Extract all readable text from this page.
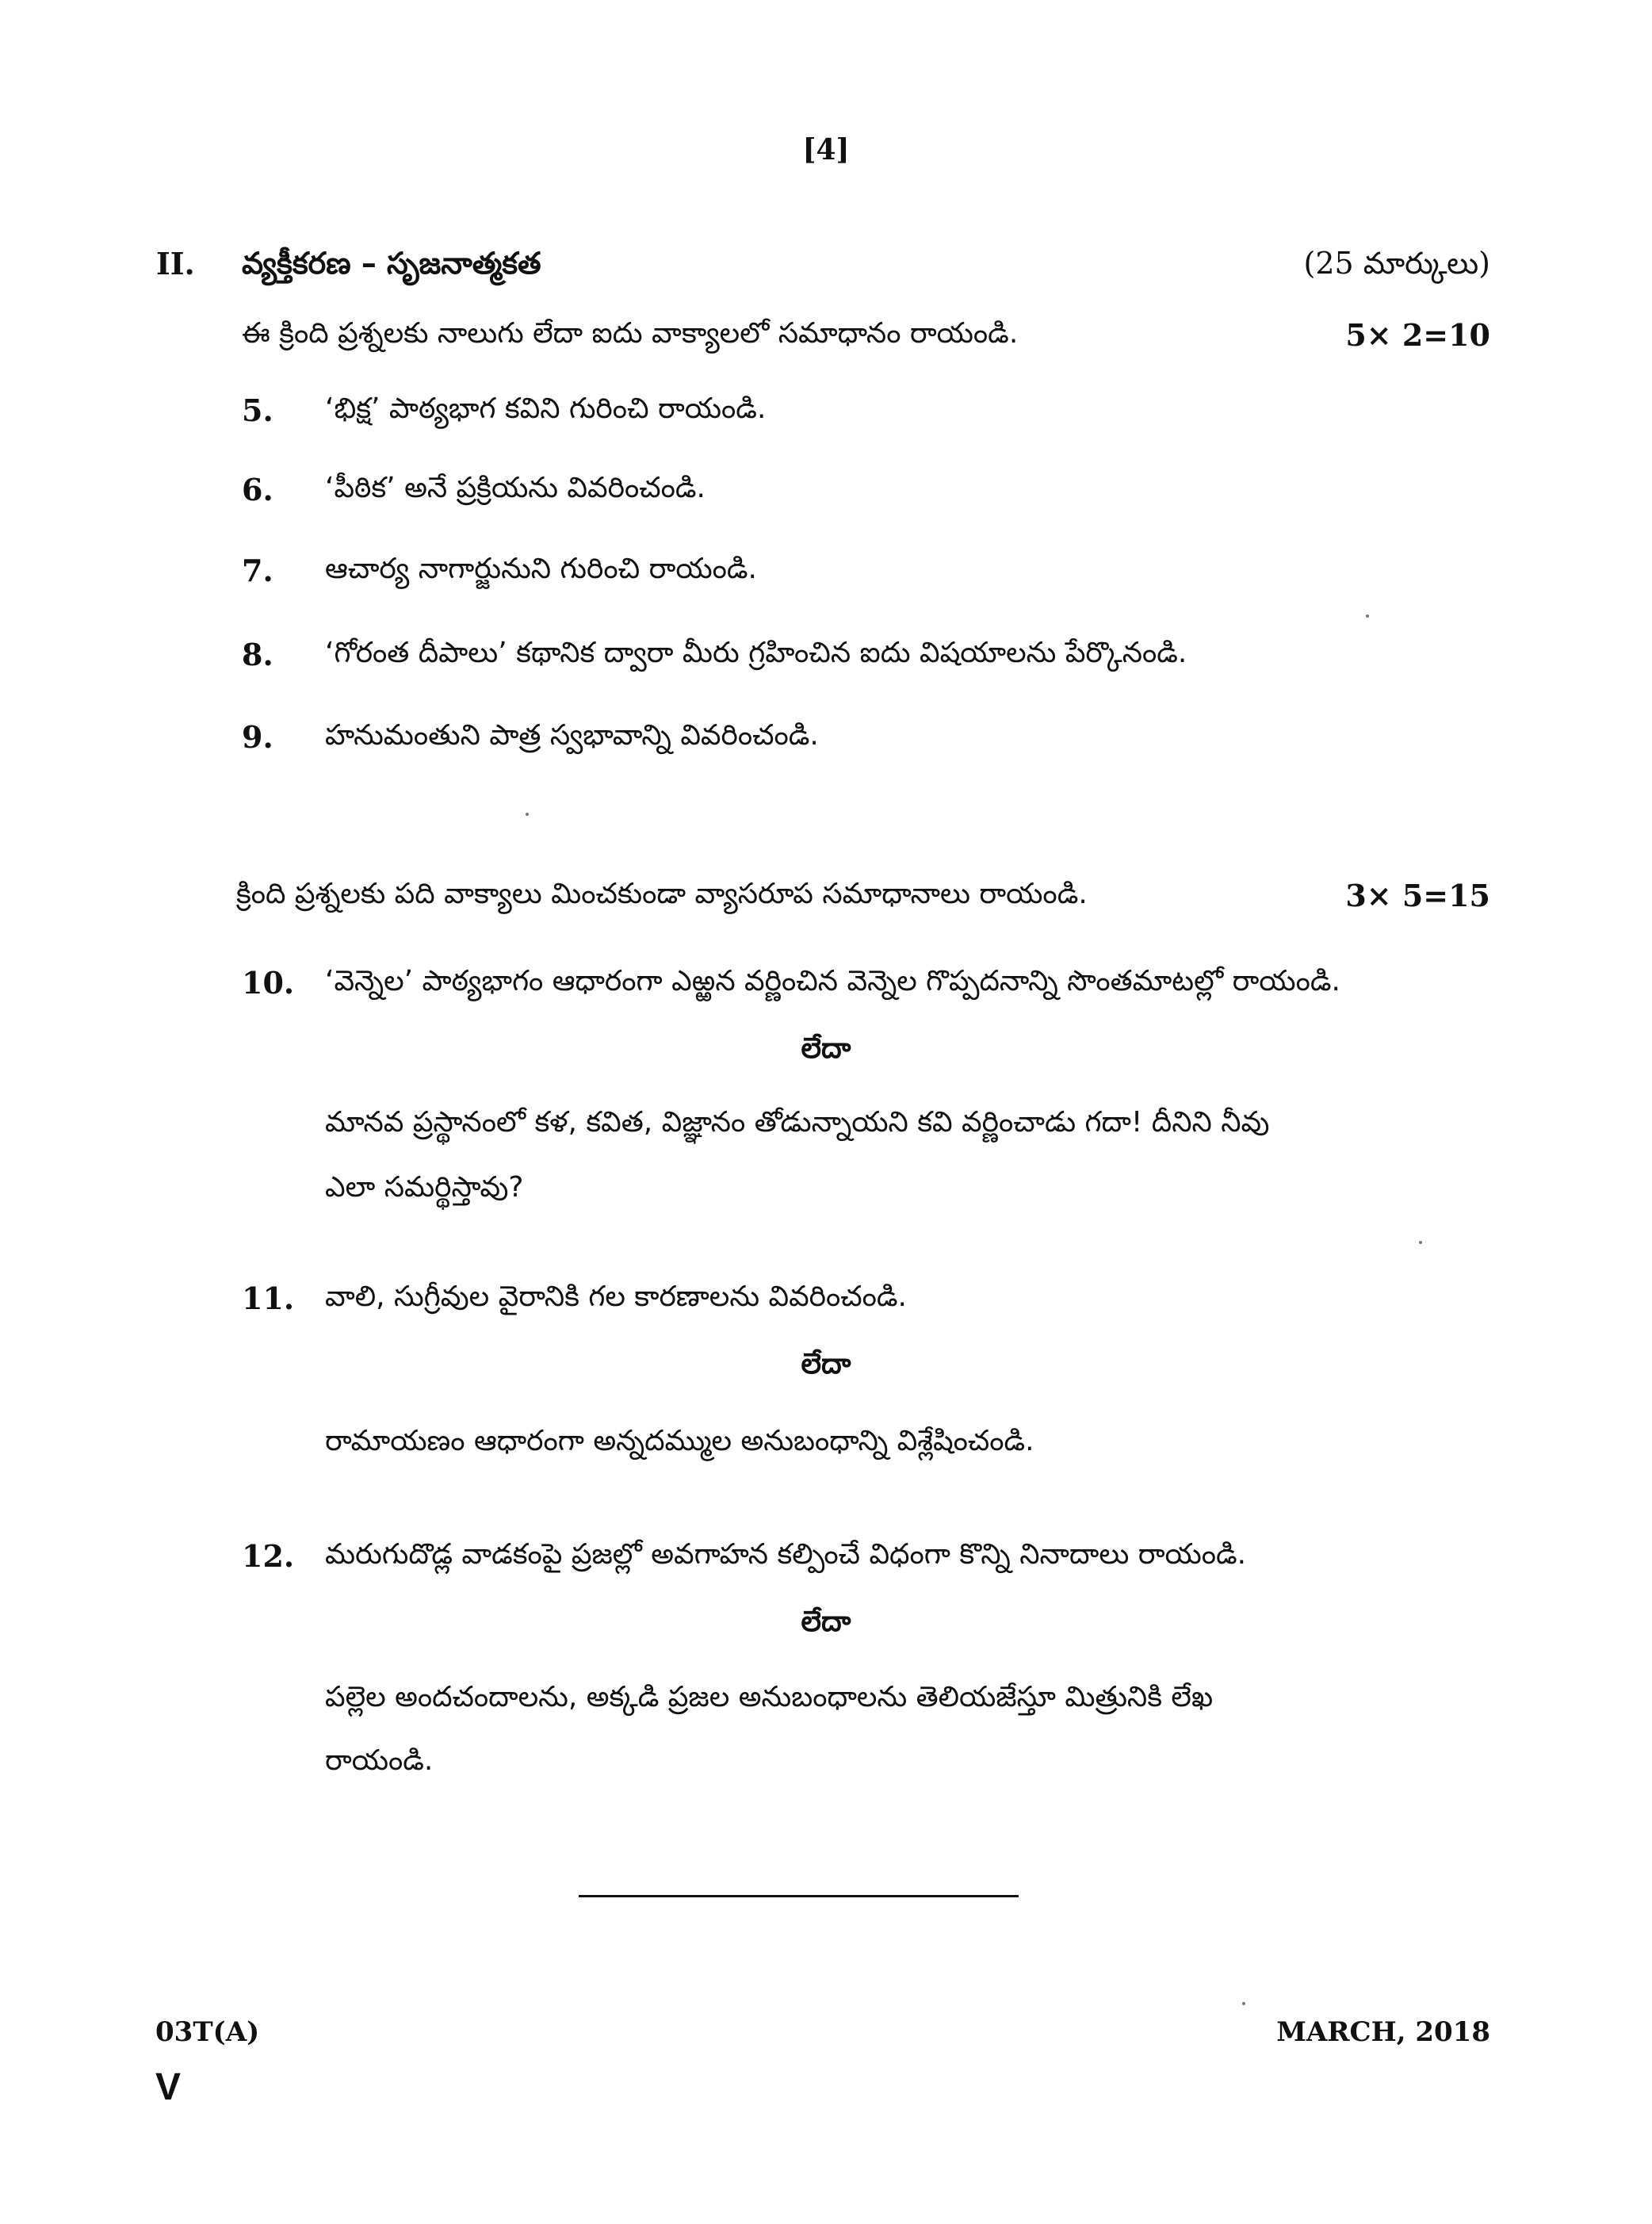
[4]
II. వ్యక్తీకరణ – సృజనాత్మకత	(25 మార్కులు)
ఈ క్రింది ప్రశ్నలకు నాలుగు లేదా ఐదు వాక్యాలలో సమాధానం రాయండి.	5× 2=10
5. ‘భిక్ష’ పాఠ్యభాగ కవిని గురించి రాయండి.
6. ‘పీఠిక’ అనే ప్రక్రియను వివరించండి.
7. ఆచార్య నాగార్జునుని గురించి రాయండి.
8. ‘గోరంత దీపాలు’ కథానిక ద్వారా మీరు గ్రహించిన ఐదు విషయాలను పేర్కొనండి.
9. హనుమంతుని పాత్ర స్వభావాన్ని వివరించండి.
క్రింది ప్రశ్నలకు పది వాక్యాలు మించకుండా వ్యాసరూప సమాధానాలు రాయండి.	3× 5=15
10. ‘వెన్నెల’ పాఠ్యభాగం ఆధారంగా ఎఱ్ఱన వర్ణించిన వెన్నెల గొప్పదనాన్ని సొంతమాటల్లో రాయండి.
లేదా
మానవ ప్రస్థానంలో కళ, కవిత, విజ్ఞానం తోడున్నాయని కవి వర్ణించాడు గదా! దీనిని నీవు
ఎలా సమర్థిస్తావు?
11. వాలి, సుగ్రీవుల వైరానికి గల కారణాలను వివరించండి.
లేదా
రామాయణం ఆధారంగా అన్నదమ్ముల అనుబంధాన్ని విశ్లేషించండి.
12. మరుగుదొడ్ల వాడకంపై ప్రజల్లో అవగాహన కల్పించే విధంగా కొన్ని నినాదాలు రాయండి.
లేదా
పల్లెల అందచందాలను, అక్కడి ప్రజల అనుబంధాలను తెలియజేస్తూ మిత్రునికి లేఖ
రాయండి.
03T(A)	MARCH, 2018
V
